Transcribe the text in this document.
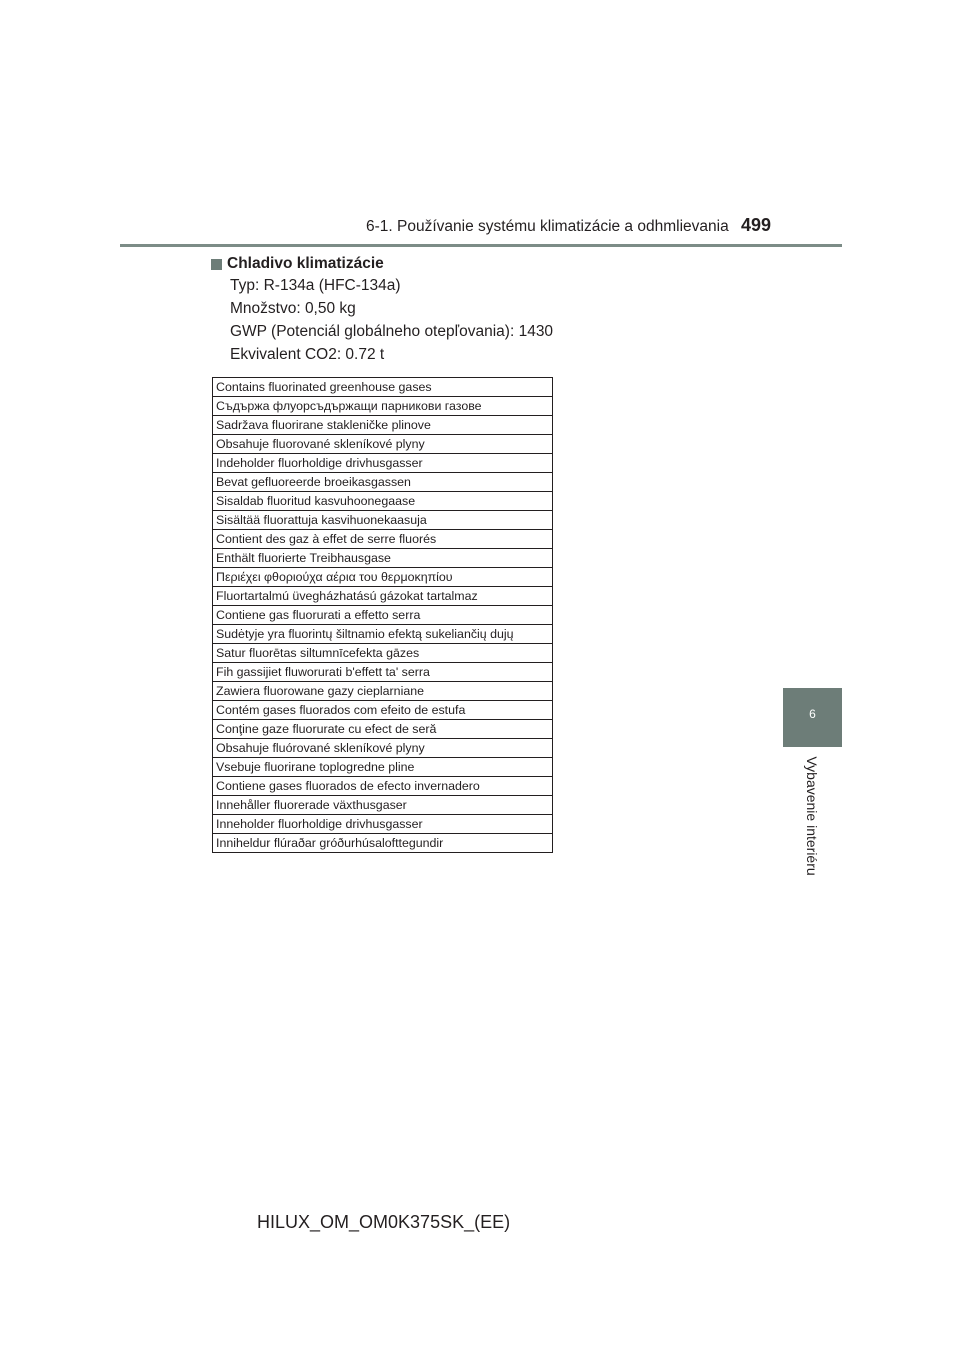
6-1. Používanie systému klimatizácie a odhmlievania 499
6
Vybavenie interiéru
Chladivo klimatizácie
Typ: R-134a (HFC-134a)
Množstvo: 0,50 kg
GWP (Potenciál globálneho otepľovania): 1430
Ekvivalent CO2: 0.72 t
Contains fluorinated greenhouse gases
Съдържа флуорсъдържащи парникови газове
Sadržava fluorirane stakleničke plinove
Obsahuje fluorované skleníkové plyny
Indeholder fluorholdige drivhusgasser
Bevat gefluoreerde broeikasgassen
Sisaldab fluoritud kasvuhoonegaase
Sisältää fluorattuja kasvihuonekaasuja
Contient des gaz à effet de serre fluorés
Enthält fluorierte Treibhausgase
Περιέχει φθοριούχα αέρια του θερμοκηπίου
Fluortartalmú üvegházhatású gázokat tartalmaz
Contiene gas fluorurati a effetto serra
Sudėtyje yra fluorintų šiltnamio efektą sukeliančių dujų
Satur fluorētas siltumnīcefekta gāzes
Fih gassijiet fluworurati b'effett ta' serra
Zawiera fluorowane gazy cieplarniane
Contém gases fluorados com efeito de estufa
Conţine gaze fluorurate cu efect de seră
Obsahuje fluórované skleníkové plyny
Vsebuje fluorirane toplogredne pline
Contiene gases fluorados de efecto invernadero
Innehåller fluorerade växthusgaser
Inneholder fluorholdige drivhusgasser
Inniheldur flúraðar gróðurhúsalofttegundir
HILUX_OM_OM0K375SK_(EE)
